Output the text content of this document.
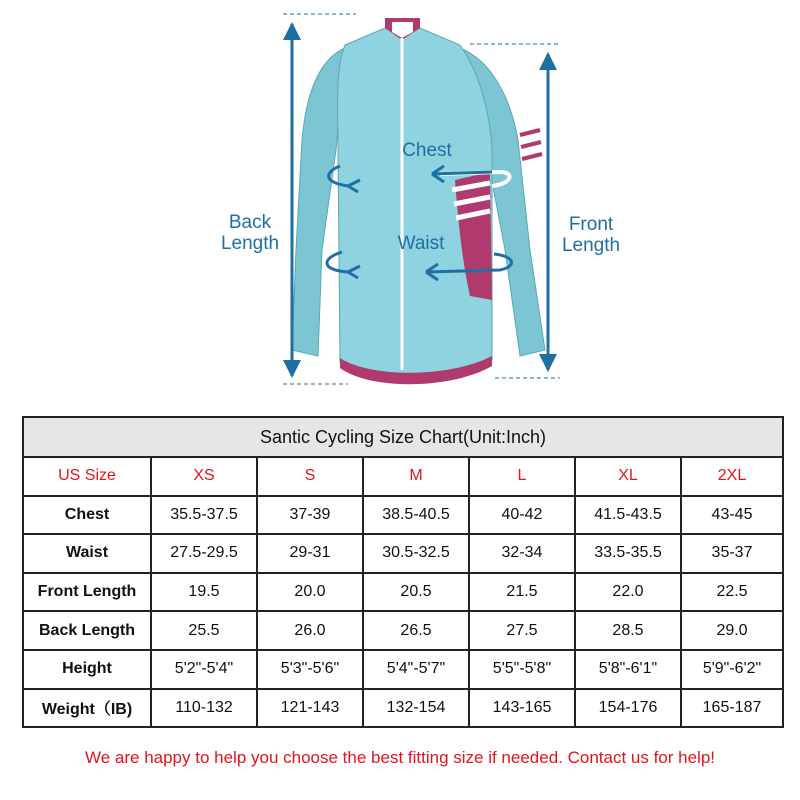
Back
Length
Front
Length
Chest
Waist
Santic Cycling Size Chart(Unit:Inch)						
US Size	XS	S	M	L	XL	2XL
Chest	35.5-37.5	37-39	38.5-40.5	40-42	41.5-43.5	43-45
Waist	27.5-29.5	29-31	30.5-32.5	32-34	33.5-35.5	35-37
Front Length	19.5	20.0	20.5	21.5	22.0	22.5
Back Length	25.5	26.0	26.5	27.5	28.5	29.0
Height	5'2"-5'4"	5'3"-5'6"	5'4"-5'7"	5'5"-5'8"	5'8"-6'1"	5'9"-6'2"
Weight（IB)	110-132	121-143	132-154	143-165	154-176	165-187
We are happy to help you choose the best fitting size if needed. Contact us for help!
